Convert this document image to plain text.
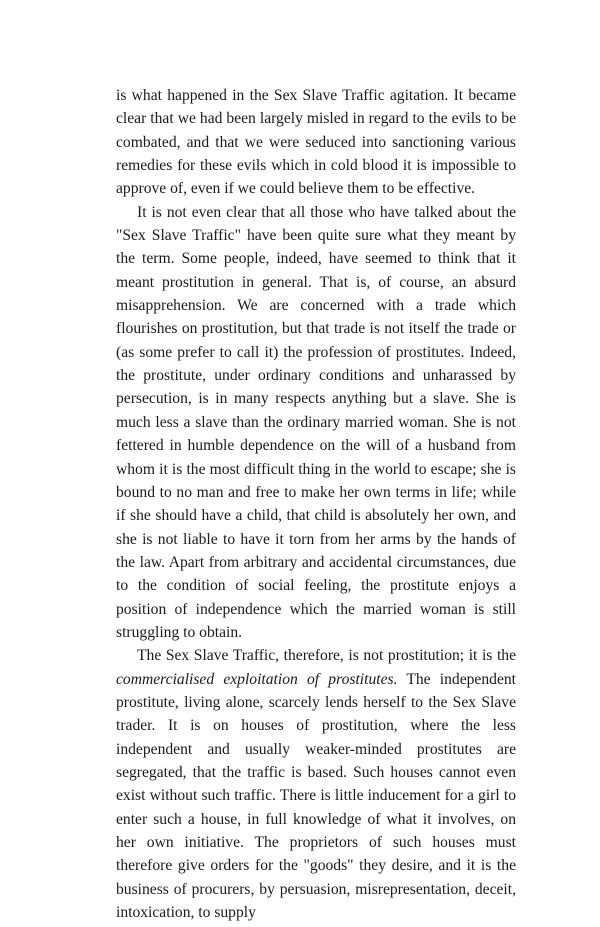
is what happened in the Sex Slave Traffic agitation. It became clear that we had been largely misled in regard to the evils to be combated, and that we were seduced into sanctioning various remedies for these evils which in cold blood it is impossible to approve of, even if we could believe them to be effective.

It is not even clear that all those who have talked about the "Sex Slave Traffic" have been quite sure what they meant by the term. Some people, indeed, have seemed to think that it meant prostitution in general. That is, of course, an absurd misapprehension. We are concerned with a trade which flourishes on prostitution, but that trade is not itself the trade or (as some prefer to call it) the profession of prostitutes. Indeed, the prostitute, under ordinary conditions and unharassed by persecution, is in many respects anything but a slave. She is much less a slave than the ordinary married woman. She is not fettered in humble dependence on the will of a husband from whom it is the most difficult thing in the world to escape; she is bound to no man and free to make her own terms in life; while if she should have a child, that child is absolutely her own, and she is not liable to have it torn from her arms by the hands of the law. Apart from arbitrary and accidental circumstances, due to the condition of social feeling, the prostitute enjoys a position of independence which the married woman is still struggling to obtain.

The Sex Slave Traffic, therefore, is not prostitution; it is the commercialised exploitation of prostitutes. The independent prostitute, living alone, scarcely lends herself to the Sex Slave trader. It is on houses of prostitution, where the less independent and usually weaker-minded prostitutes are segregated, that the traffic is based. Such houses cannot even exist without such traffic. There is little inducement for a girl to enter such a house, in full knowledge of what it involves, on her own initiative. The proprietors of such houses must therefore give orders for the "goods" they desire, and it is the business of procurers, by persuasion, misrepresentation, deceit, intoxication, to supply
